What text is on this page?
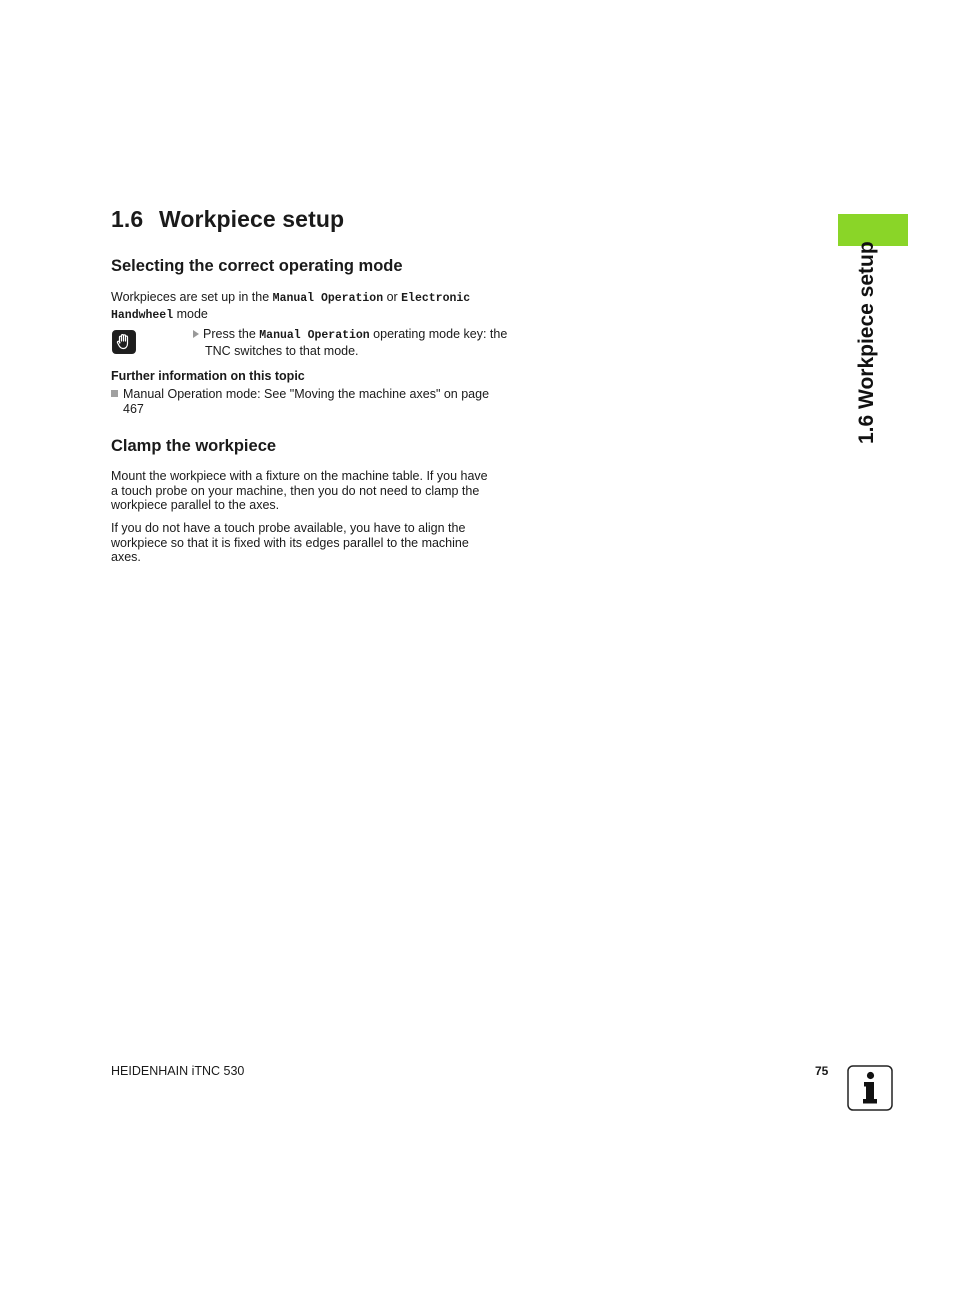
1.6 Workpiece setup
Selecting the correct operating mode

Workpieces are set up in the Manual Operation or Electronic
Handwheel mode

Press the Manual Operation operating mode key: the
TNC switches to that mode.

Further information on this topic

Manual Operation mode: See "Moving the machine axes" on page
467

Clamp the workpiece

Mount the workpiece with a fixture on the machine table. If you have
a touch probe on your machine, then you do not need to clamp the
workpiece parallel to the axes.

If you do not have a touch probe available, you have to align the
workpiece so that it is fixed with its edges parallel to the machine
axes.

1.6 Workpiece setup

HEIDENHAIN iTNC 530	75
